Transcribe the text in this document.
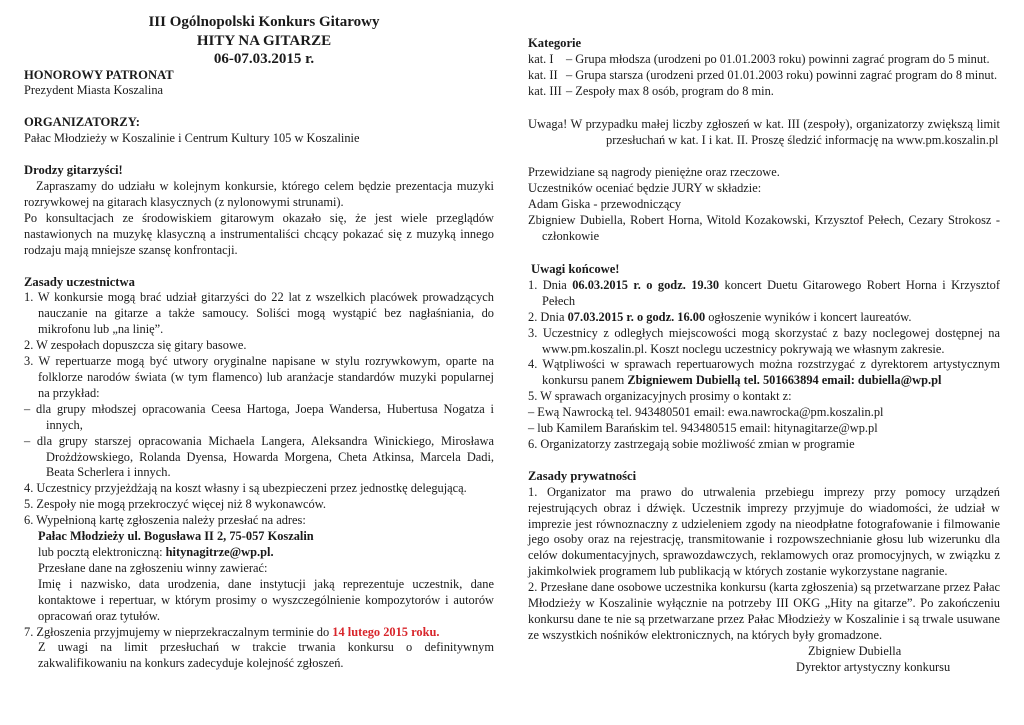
III Ogólnopolski Konkurs Gitarowy
HITY NA GITARZE
06-07.03.2015 r.
HONOROWY PATRONAT
Prezydent Miasta Koszalina
ORGANIZATORZY:
Pałac Młodzieży w Koszalinie i Centrum Kultury 105 w Koszalinie
Drodzy gitarzyści!
Zapraszamy do udziału w kolejnym konkursie, którego celem będzie prezentacja muzyki rozrywkowej na gitarach klasycznych (z nylonowymi strunami).
Po konsultacjach ze środowiskiem gitarowym okazało się, że jest wiele przeglądów nastawionych na muzykę klasyczną a instrumentaliści chcący pokazać się z muzyką innego rodzaju mają mniejsze szansę konfrontacji.
Zasady uczestnictwa
1. W konkursie mogą brać udział gitarzyści do 22 lat z wszelkich placówek prowadzących nauczanie na gitarze a także samoucy. Soliści mogą wystąpić bez nagłaśniania, do mikrofonu lub „na linię”.
2. W zespołach dopuszcza się gitary basowe.
3. W repertuarze mogą być utwory oryginalne napisane w stylu rozrywkowym, oparte na folklorze narodów świata (w tym flamenco) lub aranżacje standardów muzyki popularnej na przykład:
– dla grupy młodszej opracowania Ceesa Hartoga, Joepa Wandersa, Hubertusa Nogatza i innych,
– dla grupy starszej opracowania Michaela Langera, Aleksandra Winickiego, Mirosława Drożdżowskiego, Rolanda Dyensa, Howarda Morgena, Cheta Atkinsa, Marcela Dadi, Beata Scherlera i innych.
4. Uczestnicy przyjeżdżają na koszt własny i są ubezpieczeni przez jednostkę delegującą.
5. Zespoły nie mogą przekroczyć więcej niż 8 wykonawców.
6. Wypełnioną kartę zgłoszenia należy przesłać na adres:
Pałac Młodzieży ul. Bogusława II 2, 75-057 Koszalin
lub pocztą elektroniczną: hitynagitrze@wp.pl.
Przesłane dane na zgłoszeniu winny zawierać:
Imię i nazwisko, data urodzenia, dane instytucji jaką reprezentuje uczestnik, dane kontaktowe i repertuar, w którym prosimy o wyszczególnienie kompozytorów i autorów opracowań oraz tytułów.
7. Zgłoszenia przyjmujemy w nieprzekraczalnym terminie do 14 lutego 2015 roku.
Z uwagi na limit przesłuchań w trakcie trwania konkursu o definitywnym zakwalifikowaniu na konkurs zadecyduje kolejność zgłoszeń.
Kategorie
kat. I	– Grupa młodsza (urodzeni po 01.01.2003 roku) powinni zagrać program do 5 minut.
kat. II – Grupa starsza (urodzeni przed 01.01.2003 roku) powinni zagrać program do 8 minut.
kat. III – Zespoły max 8 osób, program do 8 min.
Uwaga! W przypadku małej liczby zgłoszeń w kat. III (zespoły), organizatorzy zwiększą limit przesłuchań w kat. I i kat. II. Proszę śledzić informację na www.pm.koszalin.pl
Przewidziane są nagrody pieniężne oraz rzeczowe.
Uczestników oceniać będzie JURY w składzie:
Adam Giska - przewodniczący
Zbigniew Dubiella, Robert Horna, Witold Kozakowski, Krzysztof Pełech, Cezary Strokosz - członkowie
Uwagi końcowe!
1. Dnia 06.03.2015 r. o godz. 19.30 koncert Duetu Gitarowego Robert Horna i Krzysztof Pełech
2. Dnia 07.03.2015 r. o godz. 16.00 ogłoszenie wyników i koncert laureatów.
3. Uczestnicy z odległych miejscowości mogą skorzystać z bazy noclegowej dostępnej na www.pm.koszalin.pl. Koszt noclegu uczestnicy pokrywają we własnym zakresie.
4. Wątpliwości w sprawach repertuarowych można rozstrzygać z dyrektorem artystycznym konkursu panem Zbigniewem Dubiellą tel. 501663894 email: dubiella@wp.pl
5. W sprawach organizacyjnych prosimy o kontakt z:
– Ewą Nawrocką tel. 943480501 email: ewa.nawrocka@pm.koszalin.pl
– lub Kamilem Barańskim tel. 943480515 email: hitynagitarze@wp.pl
6. Organizatorzy zastrzegają sobie możliwość zmian w programie
Zasady prywatności
1. Organizator ma prawo do utrwalenia przebiegu imprezy przy pomocy urządzeń rejestrujących obraz i dźwięk. Uczestnik imprezy przyjmuje do wiadomości, że udział w imprezie jest równoznaczny z udzieleniem zgody na nieodpłatne fotografowanie i filmowanie jego osoby oraz na rejestrację, transmitowanie i rozpowszechnianie głosu lub wizerunku dla celów dokumentacyjnych, sprawozdawczych, reklamowych oraz promocyjnych, w związku z jakimkolwiek programem lub publikacją w których zostanie wykorzystane nagranie.
2. Przesłane dane osobowe uczestnika konkursu (karta zgłoszenia) są przetwarzane przez Pałac Młodzieży w Koszalinie wyłącznie na potrzeby III OKG „Hity na gitarze”. Po zakończeniu konkursu dane te nie są przetwarzane przez Pałac Młodzieży w Koszalinie i są trwale usuwane ze wszystkich nośników elektronicznych, na których były gromadzone.
Zbigniew Dubiella
Dyrektor artystyczny konkursu
